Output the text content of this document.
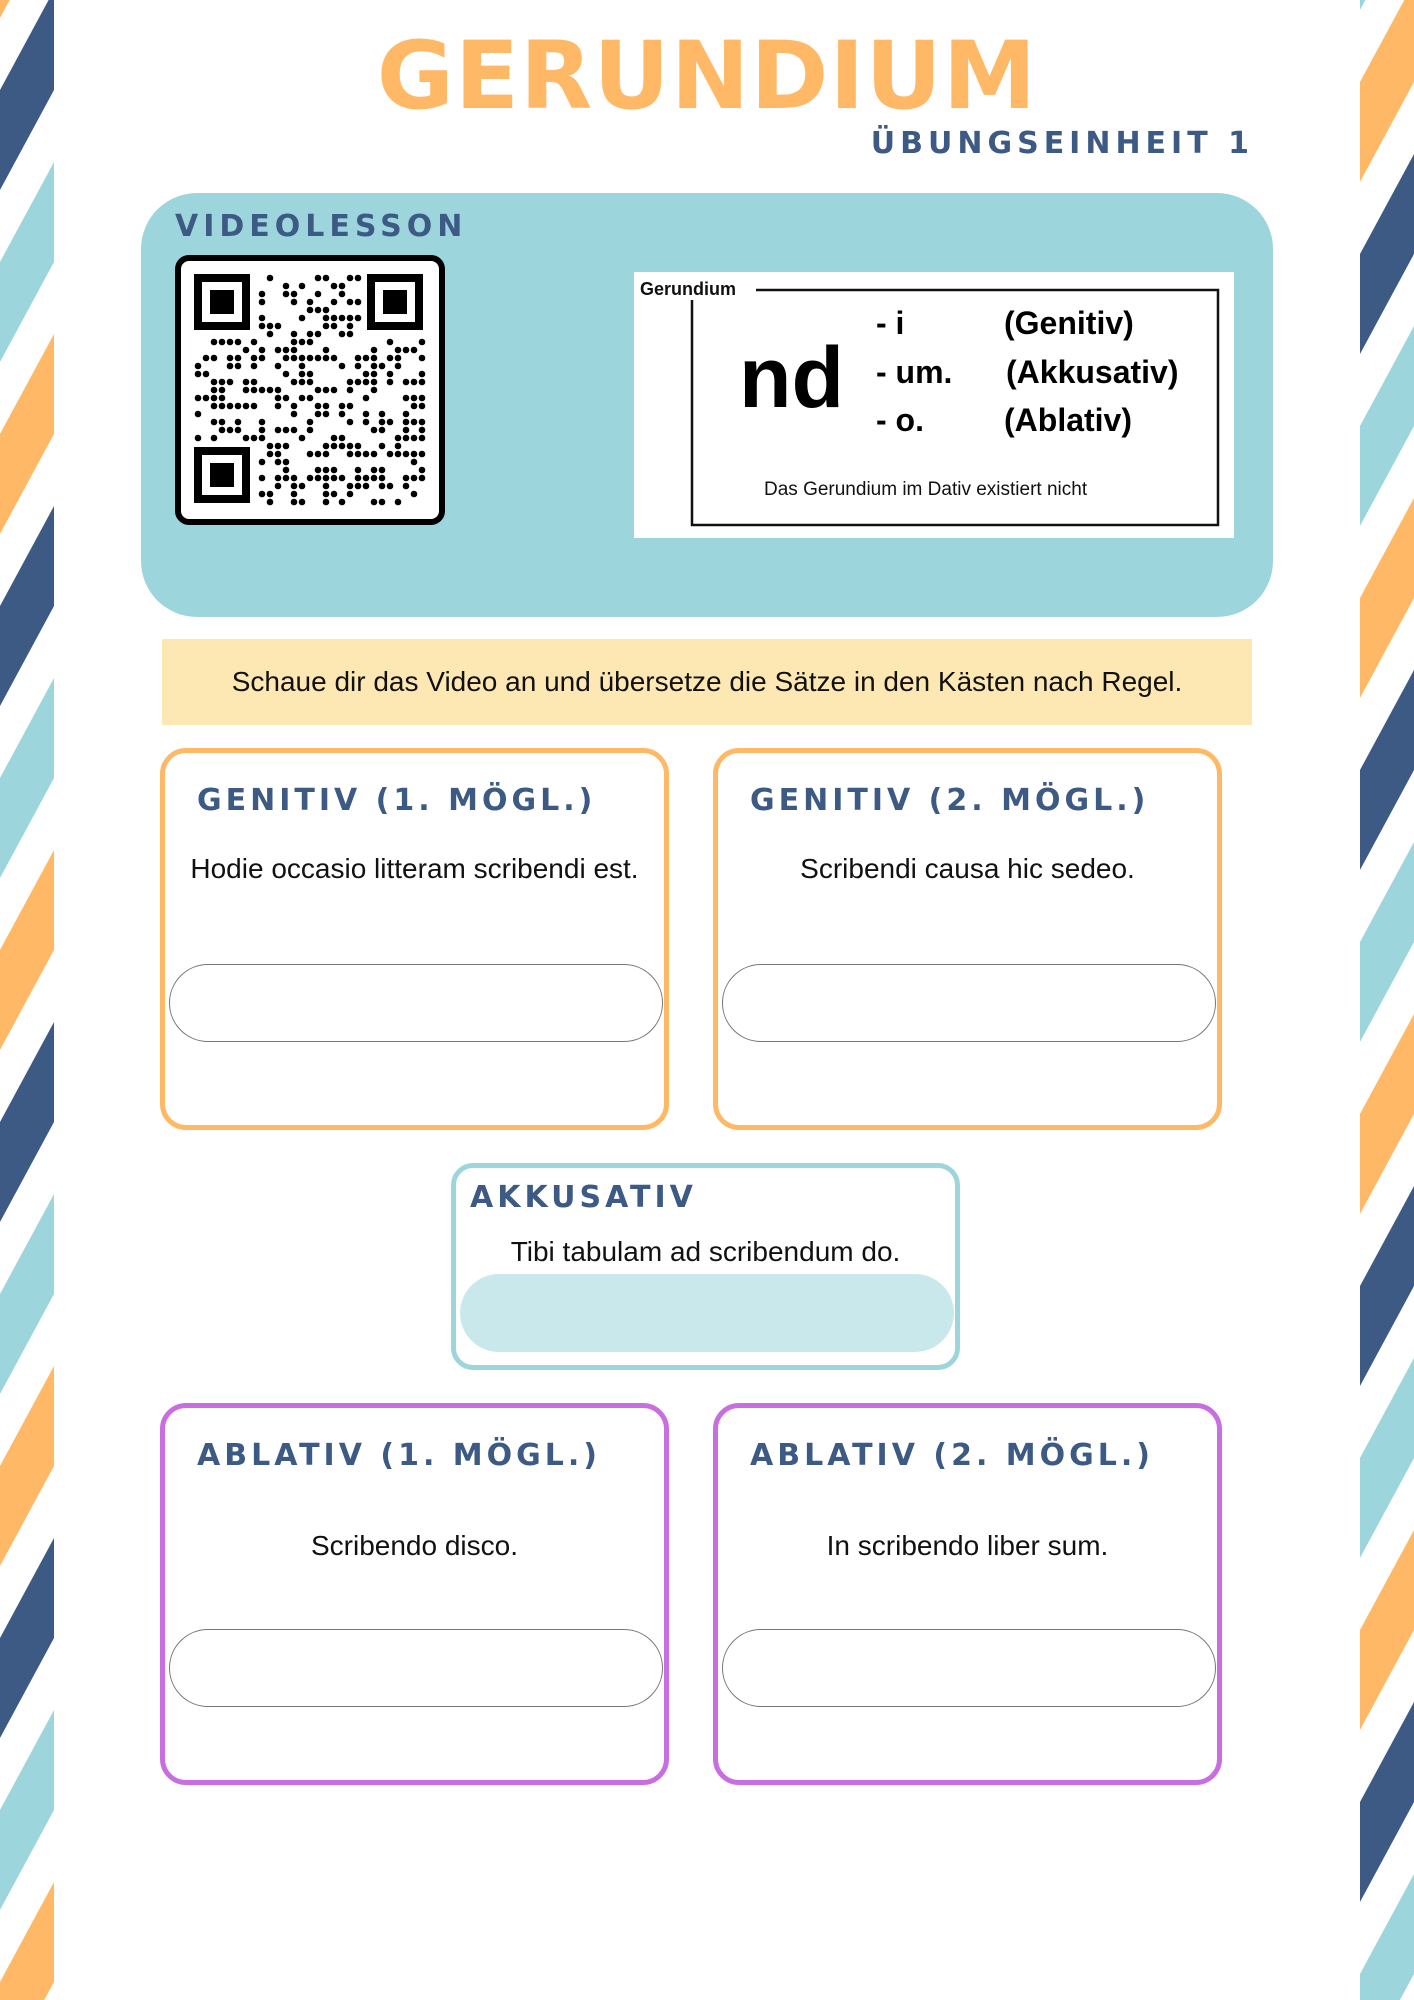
GERUNDIUM
ÜBUNGSEINHEIT 1
VIDEOLESSON
Gerundium
nd
- i	(Genitiv)
- um. (Akkusativ)
- o.	(Ablativ)
Das Gerundium im Dativ existiert nicht
Schaue dir das Video an und übersetze die Sätze in den Kästen nach Regel.
GENITIV (1. MÖGL.)
Hodie occasio litteram scribendi est.
GENITIV (2. MÖGL.)
Scribendi causa hic sedeo.
AKKUSATIV
Tibi tabulam ad scribendum do.
ABLATIV (1. MÖGL.)
Scribendo disco.
ABLATIV (2. MÖGL.)
In scribendo liber sum.
